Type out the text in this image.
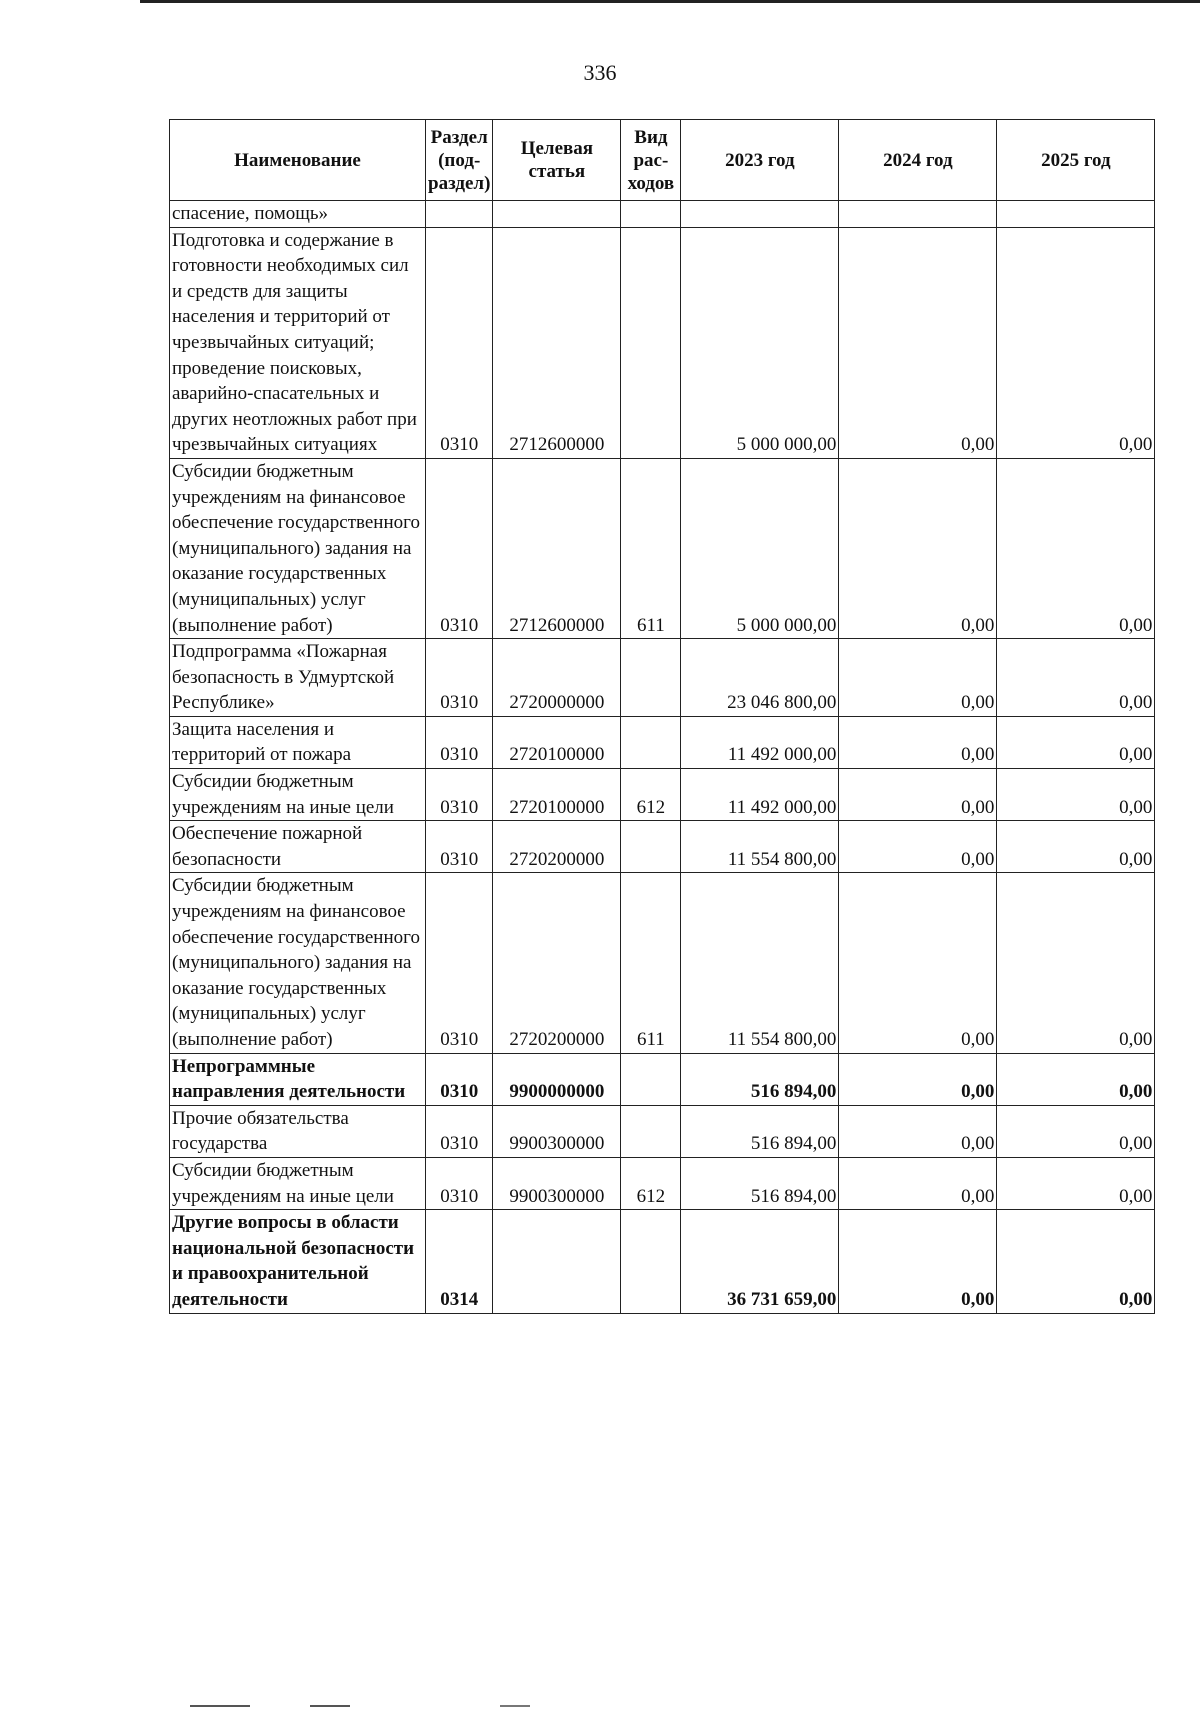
336
Наименование	Раздел (под-раздел)	Целевая статья	Вид рас-ходов	2023 год	2024 год	2025 год
спасение, помощь»						
Подготовка и содержание в готовности необходимых сил и средств для защиты населения и территорий от чрезвычайных ситуаций; проведение поисковых, аварийно-спасательных и других неотложных работ при чрезвычайных ситуациях	0310	2712600000		5 000 000,00	0,00	0,00
Субсидии бюджетным учреждениям на финансовое обеспечение государственного (муниципального) задания на оказание государственных (муниципальных) услуг (выполнение работ)	0310	2712600000	611	5 000 000,00	0,00	0,00
Подпрограмма «Пожарная безопасность в Удмуртской Республике»	0310	2720000000		23 046 800,00	0,00	0,00
Защита населения и территорий от пожара	0310	2720100000		11 492 000,00	0,00	0,00
Субсидии бюджетным учреждениям на иные цели	0310	2720100000	612	11 492 000,00	0,00	0,00
Обеспечение пожарной безопасности	0310	2720200000		11 554 800,00	0,00	0,00
Субсидии бюджетным учреждениям на финансовое обеспечение государственного (муниципального) задания на оказание государственных (муниципальных) услуг (выполнение работ)	0310	2720200000	611	11 554 800,00	0,00	0,00
Непрограммные направления деятельности	0310	9900000000		516 894,00	0,00	0,00
Прочие обязательства государства	0310	9900300000		516 894,00	0,00	0,00
Субсидии бюджетным учреждениям на иные цели	0310	9900300000	612	516 894,00	0,00	0,00
Другие вопросы в области национальной безопасности и правоохранительной деятельности	0314			36 731 659,00	0,00	0,00
